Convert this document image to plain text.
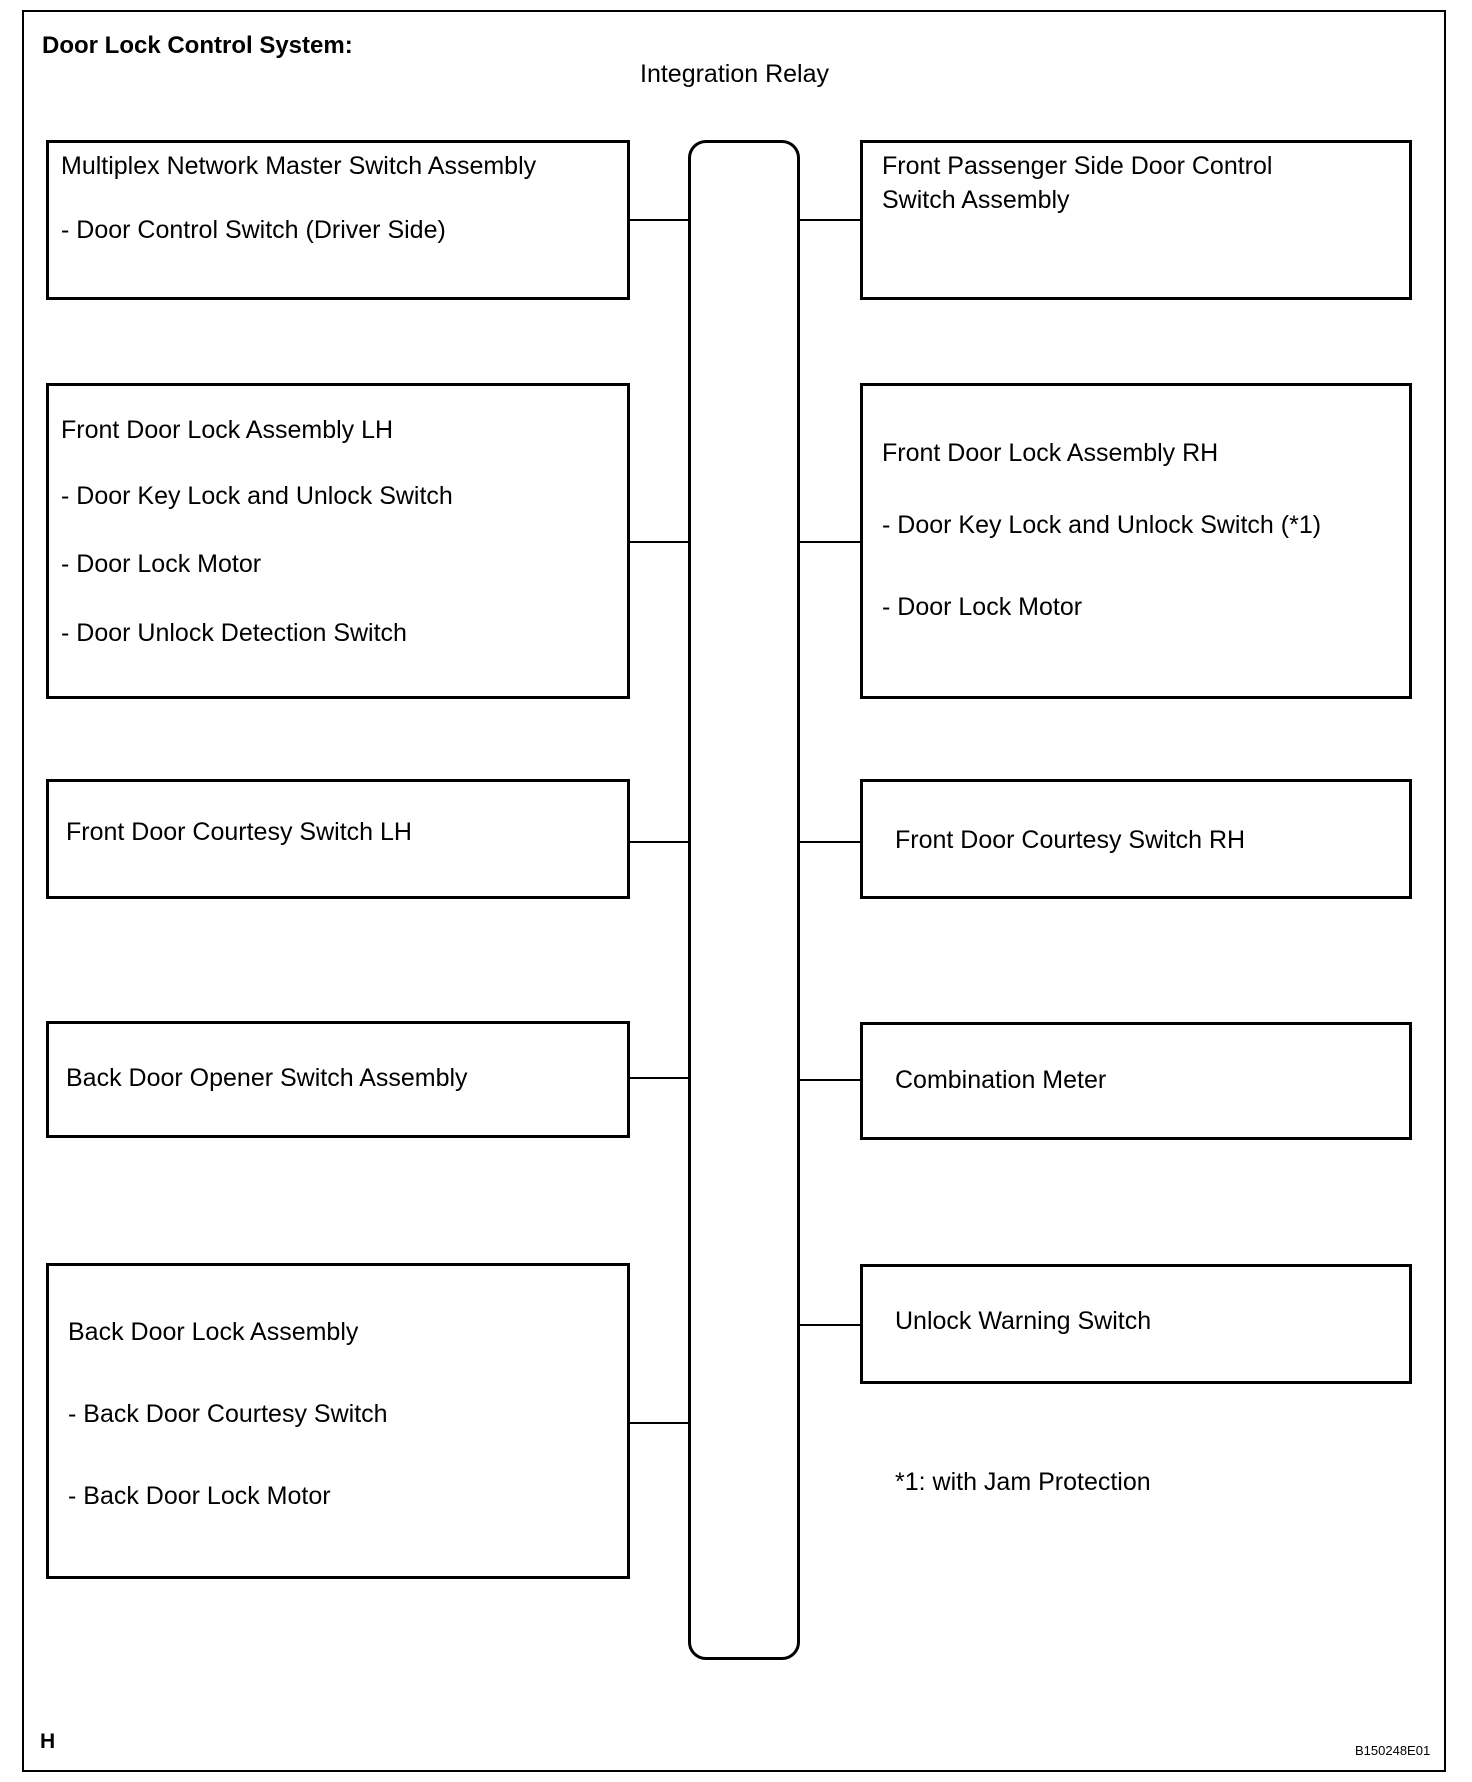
Door Lock Control System:
Integration Relay
Multiplex Network Master Switch Assembly
- Door Control Switch (Driver Side)
Front Door Lock Assembly LH
- Door Key Lock and Unlock Switch
- Door Lock Motor
- Door Unlock Detection Switch
Front Door Courtesy Switch LH
Back Door Opener Switch Assembly
Back Door Lock Assembly
- Back Door Courtesy Switch
- Back Door Lock Motor
Front Passenger Side Door Control
Switch Assembly
Front Door Lock Assembly RH
- Door Key Lock and Unlock Switch (*1)
- Door Lock Motor
Front Door Courtesy Switch RH
Combination Meter
Unlock Warning Switch
*1: with Jam Protection
H	B150248E01
